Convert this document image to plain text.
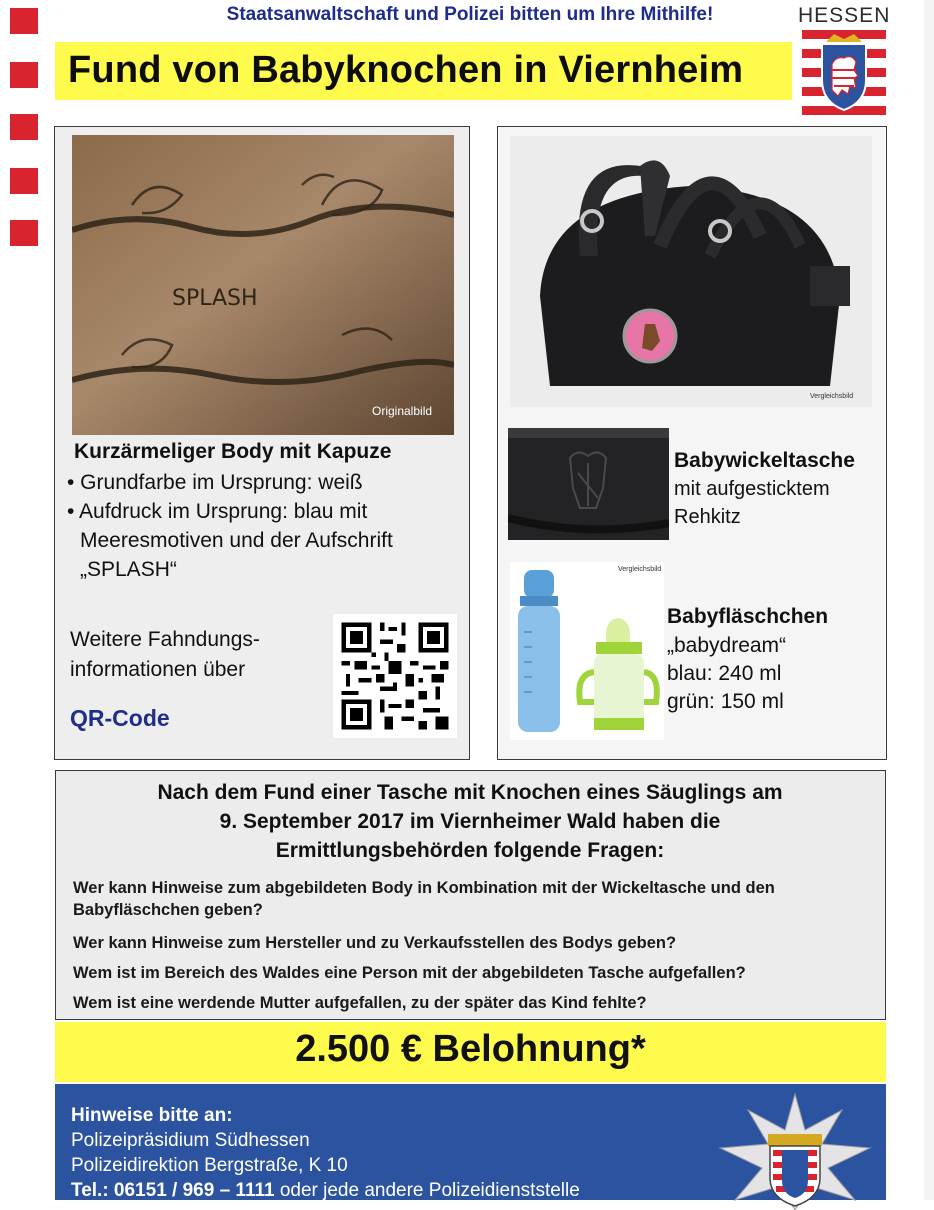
Staatsanwaltschaft und Polizei bitten um Ihre Mithilfe!
Fund von Babyknochen in Viernheim
HESSEN
SPLASH
Originalbild
Kurzärmeliger Body mit Kapuze
• Grundfarbe im Ursprung: weiß
• Aufdruck im Ursprung: blau mit
Meeresmotiven und der Aufschrift
„SPLASH“
Weitere Fahndungs-
informationen über
QR-Code
Vergleichsbild
Babywickeltasche
mit aufgesticktem
Rehkitz
Vergleichsbild
Babyfläschchen
„babydream“
blau: 240 ml
grün: 150 ml
Nach dem Fund einer Tasche mit Knochen eines Säuglings am
9. September 2017 im Viernheimer Wald haben die
Ermittlungsbehörden folgende Fragen:
Wer kann Hinweise zum abgebildeten Body in Kombination mit der Wickeltasche und den Babyfläschchen geben?
Wer kann Hinweise zum Hersteller und zu Verkaufsstellen des Bodys geben?
Wem ist im Bereich des Waldes eine Person mit der abgebildeten Tasche aufgefallen?
Wem ist eine werdende Mutter aufgefallen, zu der später das Kind fehlte?
2.500 € Belohnung*
Hinweise bitte an:
Polizeipräsidium Südhessen
Polizeidirektion Bergstraße, K 10
Tel.: 06151 / 969 – 1111 oder jede andere Polizeidienststelle
